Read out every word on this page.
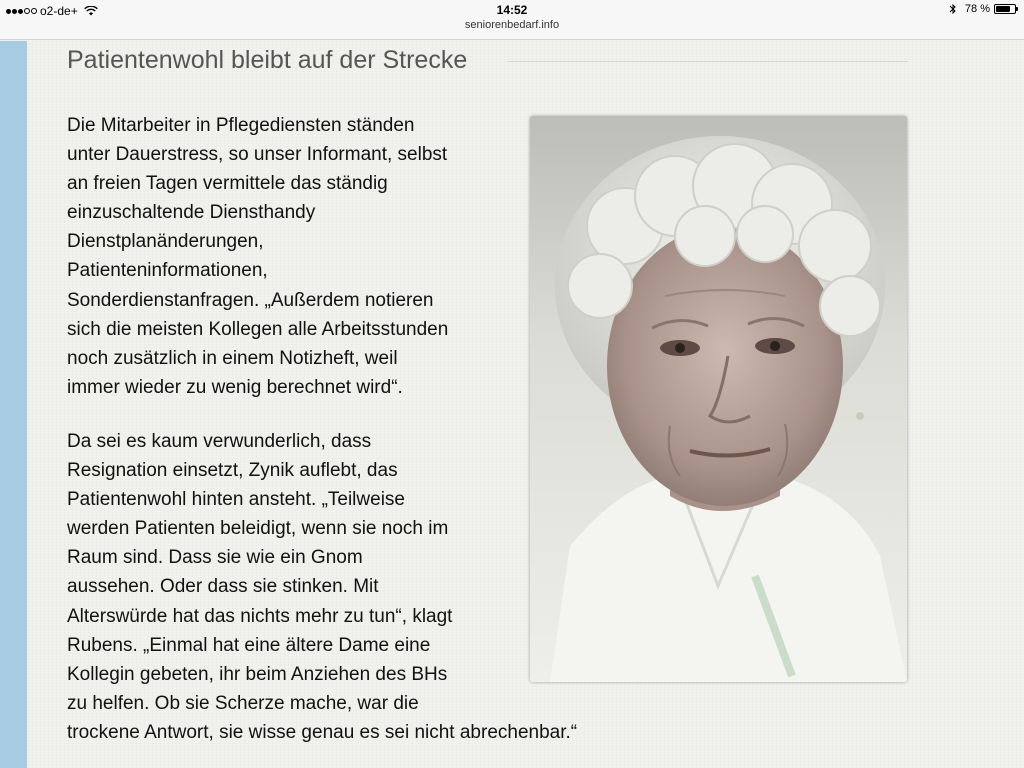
o2-de+	14:52
seniorenbedarf.info
78 %
Patientenwohl bleibt auf der Strecke

Die Mitarbeiter in Pflegediensten ständen
unter Dauerstress, so unser Informant, selbst
an freien Tagen vermittele das ständig
einzuschaltende Diensthandy
Dienstplanänderungen,
Patienteninformationen,
Sonderdienstanfragen. „Außerdem notieren
sich die meisten Kollegen alle Arbeitsstunden
noch zusätzlich in einem Notizheft, weil
immer wieder zu wenig berechnet wird“.

Da sei es kaum verwunderlich, dass
Resignation einsetzt, Zynik auflebt, das
Patientenwohl hinten ansteht. „Teilweise
werden Patienten beleidigt, wenn sie noch im
Raum sind. Dass sie wie ein Gnom
aussehen. Oder dass sie stinken. Mit
Alterswürde hat das nichts mehr zu tun“, klagt
Rubens. „Einmal hat eine ältere Dame eine
Kollegin gebeten, ihr beim Anziehen des BHs
zu helfen. Ob sie Scherze mache, war die
trockene Antwort, sie wisse genau es sei nicht abrechenbar.“
